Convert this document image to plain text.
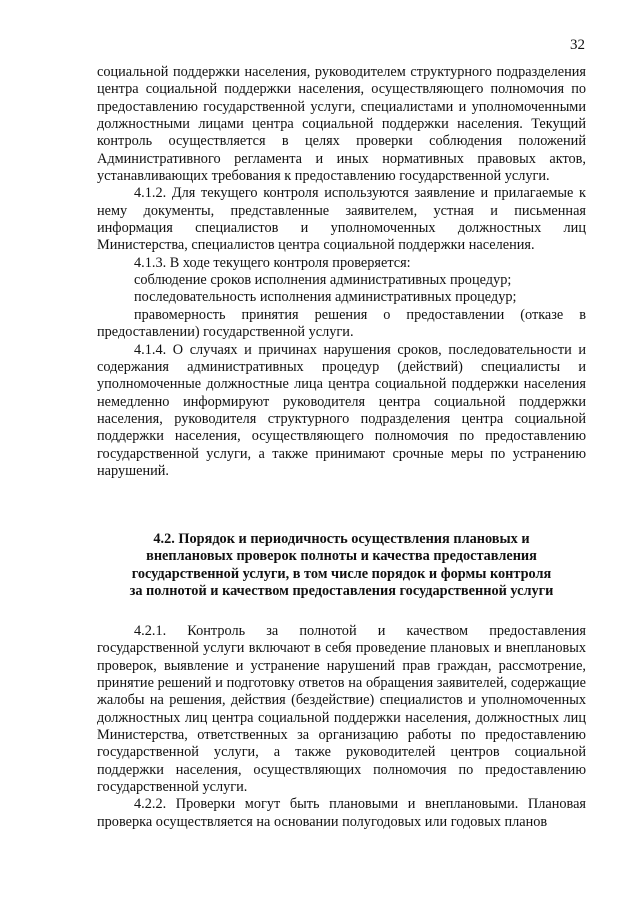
32

социальной поддержки населения, руководителем структурного подразделения центра социальной поддержки населения, осуществляющего полномочия по предоставлению государственной услуги, специалистами и уполномоченными должностными лицами центра социальной поддержки населения. Текущий контроль осуществляется в целях проверки соблюдения положений Административного регламента и иных нормативных правовых актов, устанавливающих требования к предоставлению государственной услуги.

4.1.2. Для текущего контроля используются заявление и прилагаемые к нему документы, представленные заявителем, устная и письменная информация специалистов и уполномоченных должностных лиц Министерства, специалистов центра социальной поддержки населения.

4.1.3. В ходе текущего контроля проверяется:

соблюдение сроков исполнения административных процедур;

последовательность исполнения административных процедур;

правомерность принятия решения о предоставлении (отказе в предоставлении) государственной услуги.

4.1.4. О случаях и причинах нарушения сроков, последовательности и содержания административных процедур (действий) специалисты и уполномоченные должностные лица центра социальной поддержки населения немедленно информируют руководителя центра социальной поддержки населения, руководителя структурного подразделения центра социальной поддержки населения, осуществляющего полномочия по предоставлению государственной услуги, а также принимают срочные меры по устранению нарушений.

4.2. Порядок и периодичность осуществления плановых и
внеплановых проверок полноты и качества предоставления
государственной услуги, в том числе порядок и формы контроля
за полнотой и качеством предоставления государственной услуги

4.2.1. Контроль за полнотой и качеством предоставления государственной услуги включают в себя проведение плановых и внеплановых проверок, выявление и устранение нарушений прав граждан, рассмотрение, принятие решений и подготовку ответов на обращения заявителей, содержащие жалобы на решения, действия (бездействие) специалистов и уполномоченных должностных лиц центра социальной поддержки населения, должностных лиц Министерства, ответственных за организацию работы по предоставлению государственной услуги, а также руководителей центров социальной поддержки населения, осуществляющих полномочия по предоставлению государственной услуги.

4.2.2. Проверки могут быть плановыми и внеплановыми. Плановая проверка осуществляется на основании полугодовых или годовых планов
